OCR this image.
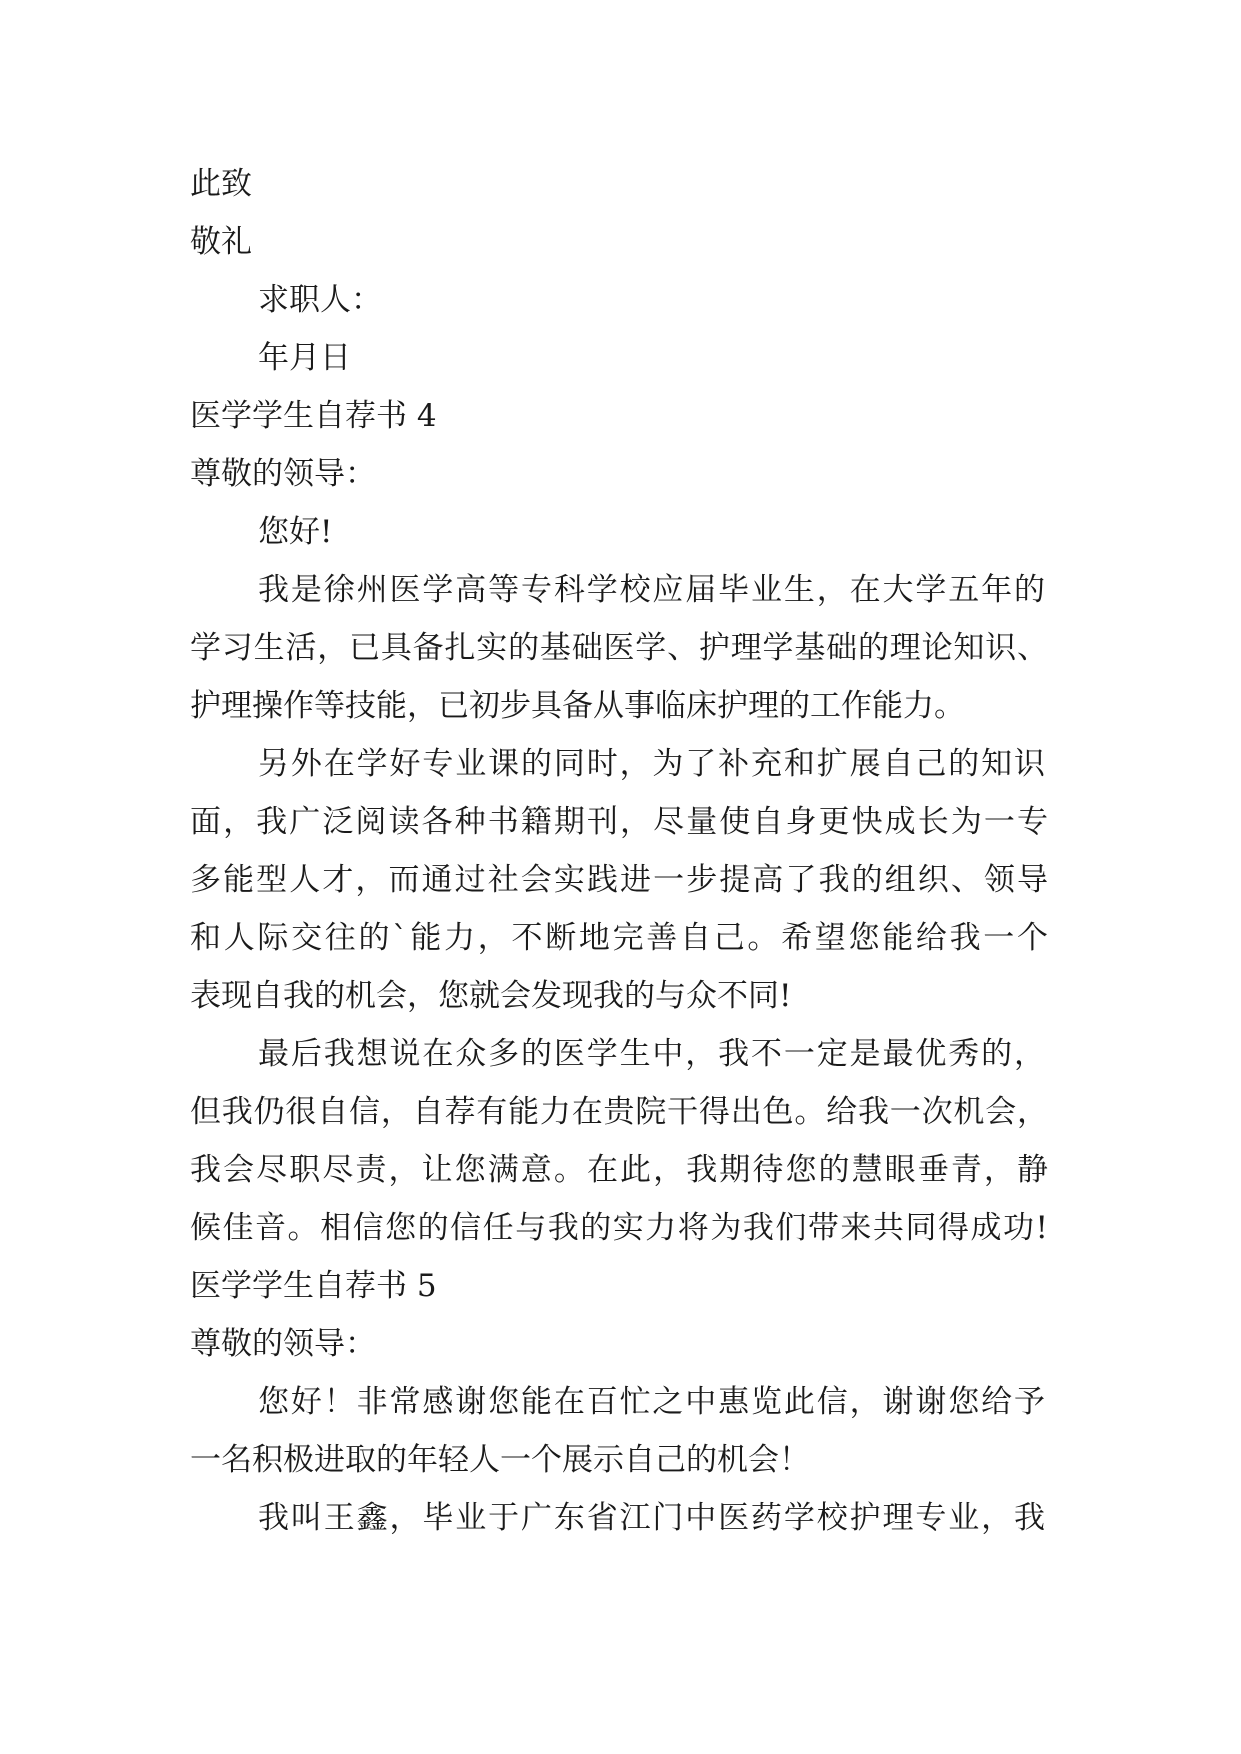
此致
敬礼
求职人：
年月日
医学学生自荐书 4
尊敬的领导：
您好!
我是徐州医学高等专科学校应届毕业生，在大学五年的
学习生活，已具备扎实的基础医学、护理学基础的理论知识、
护理操作等技能，已初步具备从事临床护理的工作能力。
另外在学好专业课的同时，为了补充和扩展自己的知识
面，我广泛阅读各种书籍期刊，尽量使自身更快成长为一专
多能型人才，而通过社会实践进一步提高了我的组织、领导
和人际交往的`能力，不断地完善自己。希望您能给我一个
表现自我的机会，您就会发现我的与众不同!
最后我想说在众多的医学生中，我不一定是最优秀的，
但我仍很自信，自荐有能力在贵院干得出色。给我一次机会，
我会尽职尽责，让您满意。在此，我期待您的慧眼垂青，静
候佳音。相信您的信任与我的实力将为我们带来共同得成功!
医学学生自荐书 5
尊敬的领导：
您好！非常感谢您能在百忙之中惠览此信，谢谢您给予
一名积极进取的年轻人一个展示自己的机会！
我叫王鑫，毕业于广东省江门中医药学校护理专业，我
